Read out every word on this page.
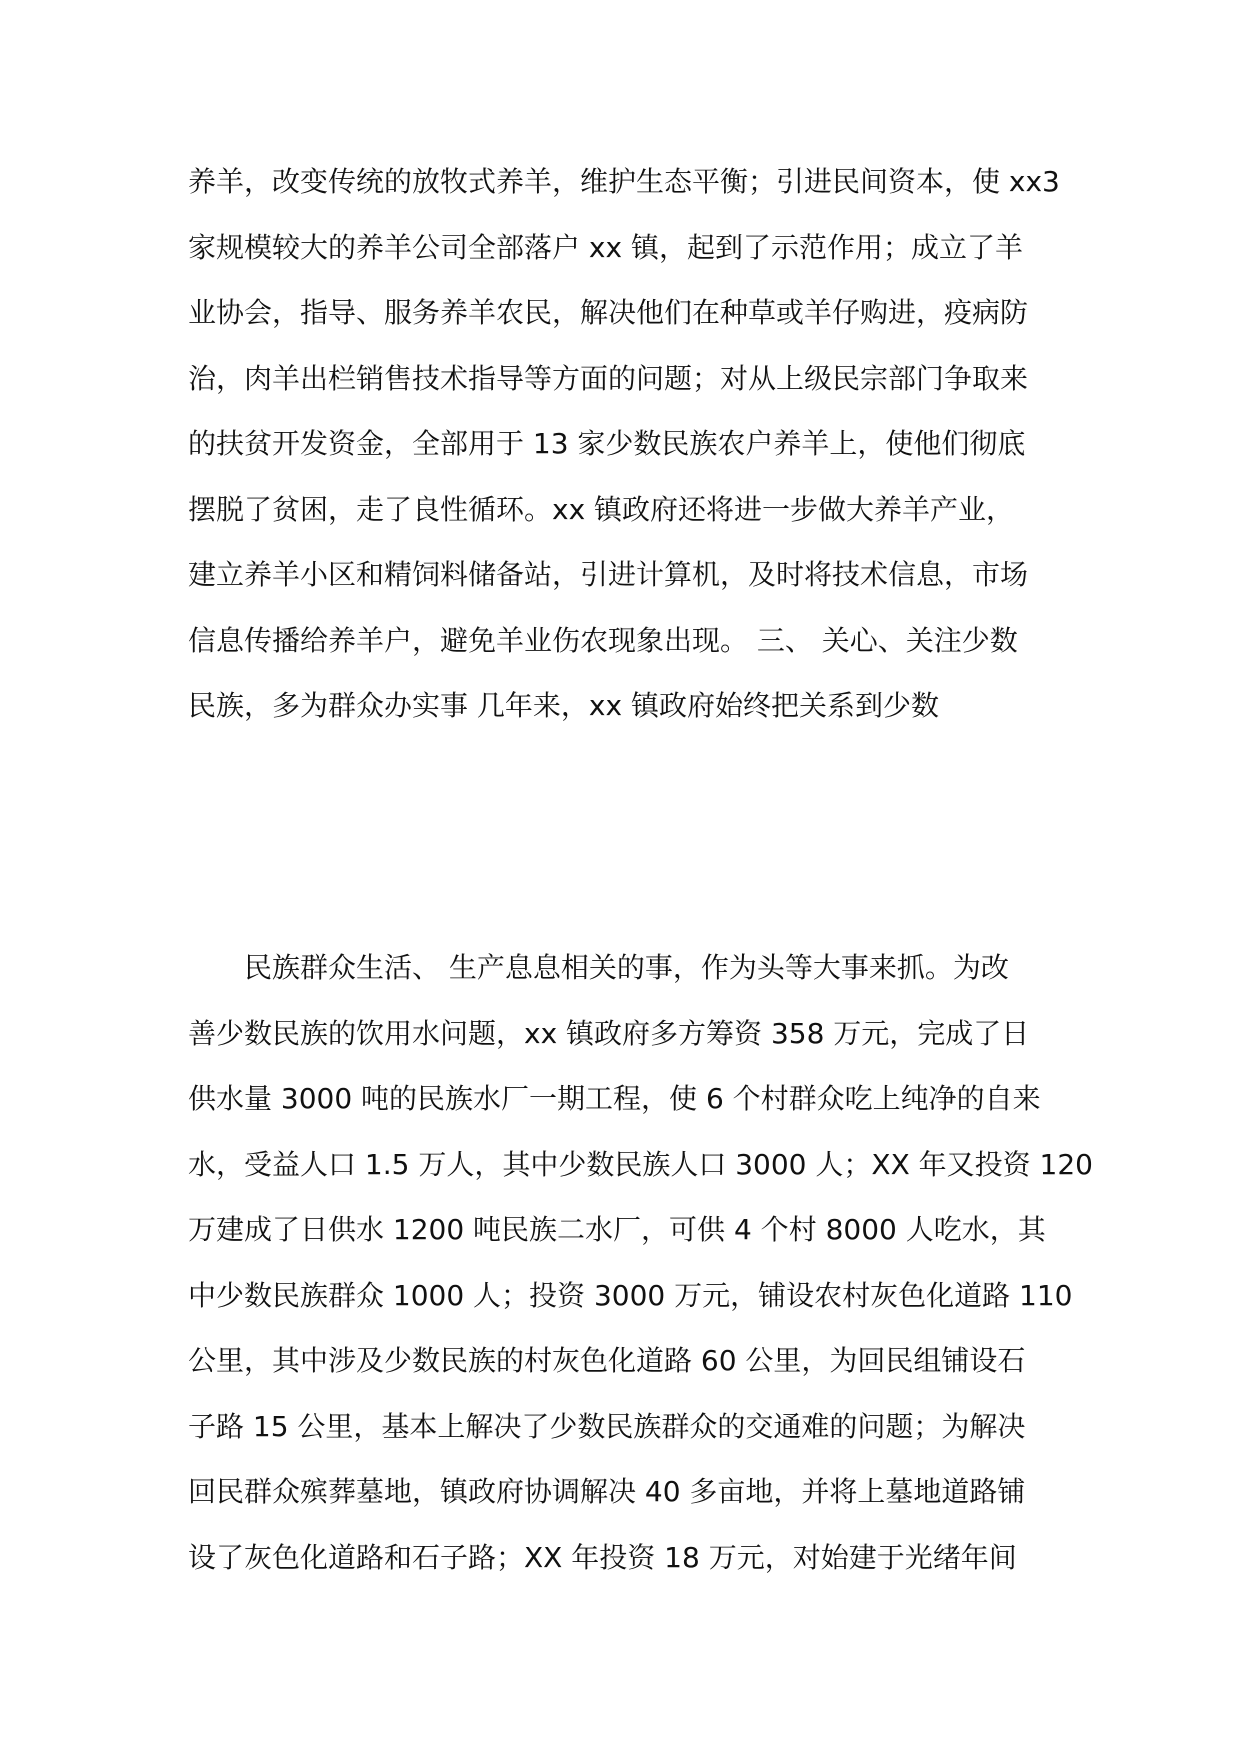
养羊，改变传统的放牧式养羊，维护生态平衡；引进民间资本，使 xx3
家规模较大的养羊公司全部落户 xx 镇，起到了示范作用；成立了羊
业协会，指导、服务养羊农民，解决他们在种草或羊仔购进，疫病防
治，肉羊出栏销售技术指导等方面的问题；对从上级民宗部门争取来
的扶贫开发资金，全部用于 13 家少数民族农户养羊上，使他们彻底
摆脱了贫困，走了良性循环。xx 镇政府还将进一步做大养羊产业，
建立养羊小区和精饲料储备站，引进计算机，及时将技术信息，市场
信息传播给养羊户，避免羊业伤农现象出现。 三、 关心、关注少数
民族，多为群众办实事 几年来，xx 镇政府始终把关系到少数
　　民族群众生活、 生产息息相关的事，作为头等大事来抓。为改
善少数民族的饮用水问题，xx 镇政府多方筹资 358 万元，完成了日
供水量 3000 吨的民族水厂一期工程，使 6 个村群众吃上纯净的自来
水，受益人口 1.5 万人，其中少数民族人口 3000 人；XX 年又投资 120
万建成了日供水 1200 吨民族二水厂，可供 4 个村 8000 人吃水，其
中少数民族群众 1000 人；投资 3000 万元，铺设农村灰色化道路 110
公里，其中涉及少数民族的村灰色化道路 60 公里，为回民组铺设石
子路 15 公里，基本上解决了少数民族群众的交通难的问题；为解决
回民群众殡葬墓地，镇政府协调解决 40 多亩地，并将上墓地道路铺
设了灰色化道路和石子路；XX 年投资 18 万元，对始建于光绪年间
